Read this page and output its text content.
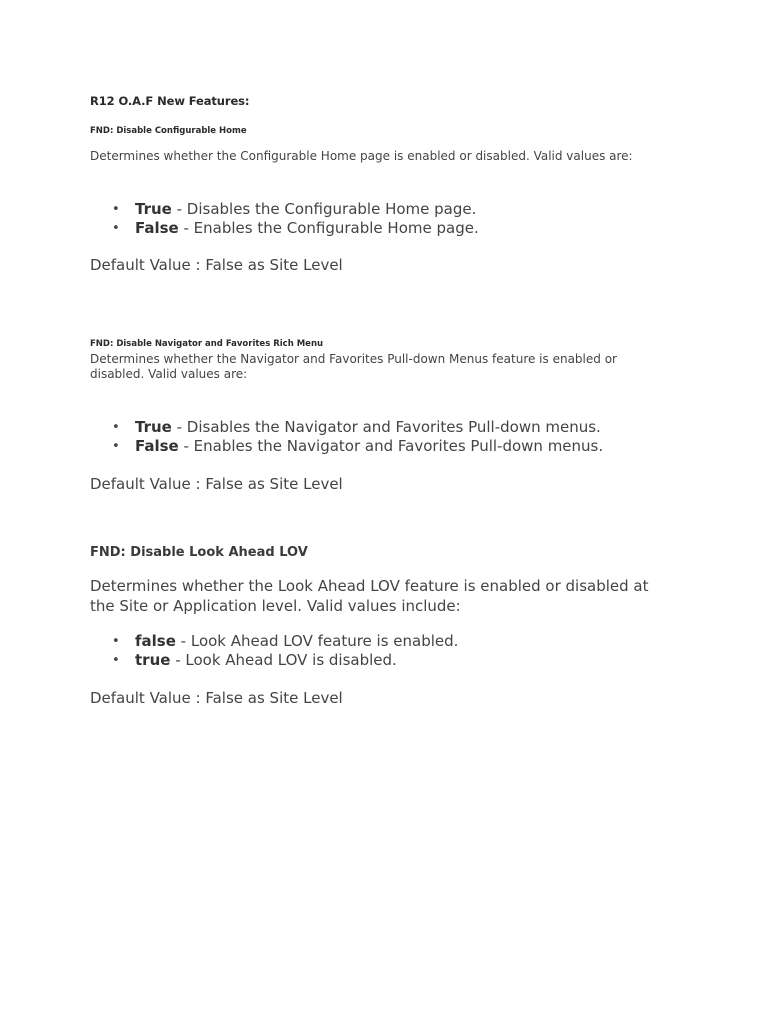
R12 O.A.F New Features:
FND: Disable Configurable Home

Determines whether the Configurable Home page is enabled or disabled. Valid values are:

• True - Disables the Configurable Home page.
• False - Enables the Configurable Home page.

Default Value : False as Site Level

FND: Disable Navigator and Favorites Rich Menu

Determines whether the Navigator and Favorites Pull-down Menus feature is enabled or disabled. Valid values are:

• True - Disables the Navigator and Favorites Pull-down menus.
• False - Enables the Navigator and Favorites Pull-down menus.

Default Value : False as Site Level

FND: Disable Look Ahead LOV

Determines whether the Look Ahead LOV feature is enabled or disabled at the Site or Application level. Valid values include:

• false - Look Ahead LOV feature is enabled.
• true - Look Ahead LOV is disabled.

Default Value : False as Site Level
